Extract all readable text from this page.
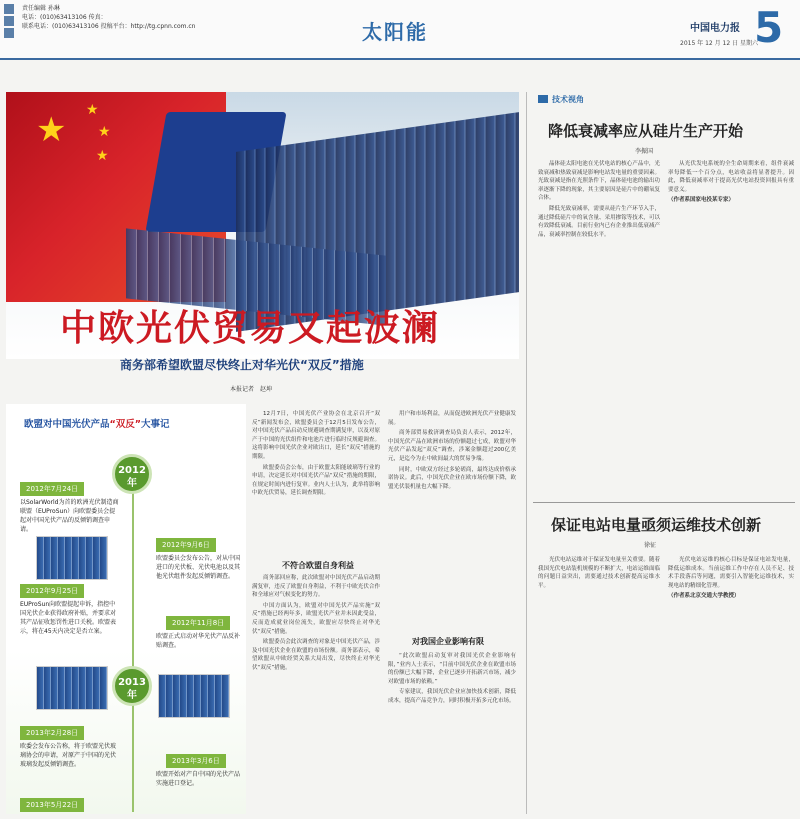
责任编辑 孙琳
电话：(010)63413106 传真：
联系电话：(010)63413106 投稿平台：http://tg.cpnn.com.cn	太阳能	中国电力报
2015 年 12 月 12 日 星期六
5
★ ★
★
★
中欧光伏贸易又起波澜
商务部希望欧盟尽快终止对华光伏“双反”措施
本报记者　赵坤
欧盟对中国光伏产品“双反”大事记
2012年
2013年
2012年7月24日
以SolarWorld为首的欧洲光伏制造商联盟（EUProSun）向欧盟委员会提起对中国光伏产品的反倾销调查申请。
2012年9月6日
欧盟委员会发布公告，对从中国进口的光伏板、光伏电池以及其他光伏组件发起反倾销调查。
2012年9月25日
EUProSun向欧盟提起申诉，指控中国光伏企业获得政府补贴，并要求对其产品征收惩罚性进口关税。欧盟表示，将在45天内决定是否立案。
2012年11月8日
欧盟正式启动对华光伏产品反补贴调查。
2013年2月28日
欧委会发布公告称，将于欧盟光伏玻璃协会的申请，对原产于中国的光伏玻璃发起反倾销调查。	2013年3月6日
欧盟开始对产自中国的光伏产品实施进口登记。
2013年5月22日

12月7日，中国光伏产业协会在北京召开“双反”新闻发布会，欧盟委员会于12月5日发布公告，对中国光伏产品启动反规避调查期满复审，以及对原产于中国的光伏组件和电池片进行临时反规避调查。这将影响中国光伏企业对欧出口，延长“双反”措施的期限。

欧盟委员会公布，由于欧盟太阳能玻璃等行业的申请，决定延长对中国光伏产品“双反”措施的期限，在规定时间内进行复审。业内人士认为，此举将影响中欧光伏贸易，延长调查期限。

不符合欧盟自身利益

商务部回应称，此次欧盟对中国光伏产品启动期满复审，违反了欧盟自身利益，不利于中欧光伏合作和全球应对气候变化的努力。

中国方面认为，欧盟对中国光伏产品实施“双反”措施已经两年多，欧盟光伏产业并未因此受益，反而造成就业岗位流失，欧盟应尽快终止对华光伏“双反”措施。

欧盟委员会此次调查的对象是中国光伏产品，涉及中国光伏企业在欧盟的市场份额。商务部表示，希望欧盟从中欧经贸关系大局出发，尽快终止对华光伏“双反”措施。

用户和市场利益，从而促进欧洲光伏产业健康发展。

商务部贸易救济调查局负责人表示，2012年，中国光伏产品在欧洲市场的份额超过七成，欧盟对华光伏产品发起“双反”调查，涉案金额超过200亿美元，是迄今为止中欧间最大的贸易争端。

同时，中欧双方经过多轮磋商，最终达成价格承诺协议。此后，中国光伏企业在欧市场份额下降，欧盟光伏装机量也大幅下降。

对我国企业影响有限

“此次欧盟启动复审对我国光伏企业影响有限，”业内人士表示，“目前中国光伏企业在欧盟市场的份额已大幅下降，企业已逐步开拓新兴市场，减少对欧盟市场的依赖。”

专家建议，我国光伏企业应加快技术创新，降低成本，提高产品竞争力，同时积极开拓多元化市场。

技术视角
降低衰减率应从硅片生产开始
李振国

晶体硅太阳电池在光伏电站的核心产品中，光致衰减和热致衰减是影响电站发电量的重要因素。光致衰减是指在光照条件下，晶体硅电池的输出功率逐渐下降的现象，其主要原因是硅片中的硼氧复合体。

降低光致衰减率，需要从硅片生产环节入手，通过降低硅片中的氧含量、采用掺镓等技术，可以有效降低衰减。目前行业内已有企业推出低衰减产品，衰减率控制在较低水平。

从光伏发电系统的全生命周期来看，组件衰减率每降低一个百分点，电站收益将显著提升。因此，降低衰减率对于提高光伏电站投资回报具有重要意义。

（作者系国家电投某专家）

保证电站电量亟须运维技术创新
徐征

光伏电站运维对于保证发电量至关重要。随着我国光伏电站装机规模的不断扩大，电站运维面临的问题日益突出，需要通过技术创新提高运维水平。

光伏电站运维的核心目标是保证电站发电量，降低运维成本。当前运维工作中存在人员不足、技术手段落后等问题，需要引入智能化运维技术，实现电站的精细化管理。

（作者系北京交通大学教授）
